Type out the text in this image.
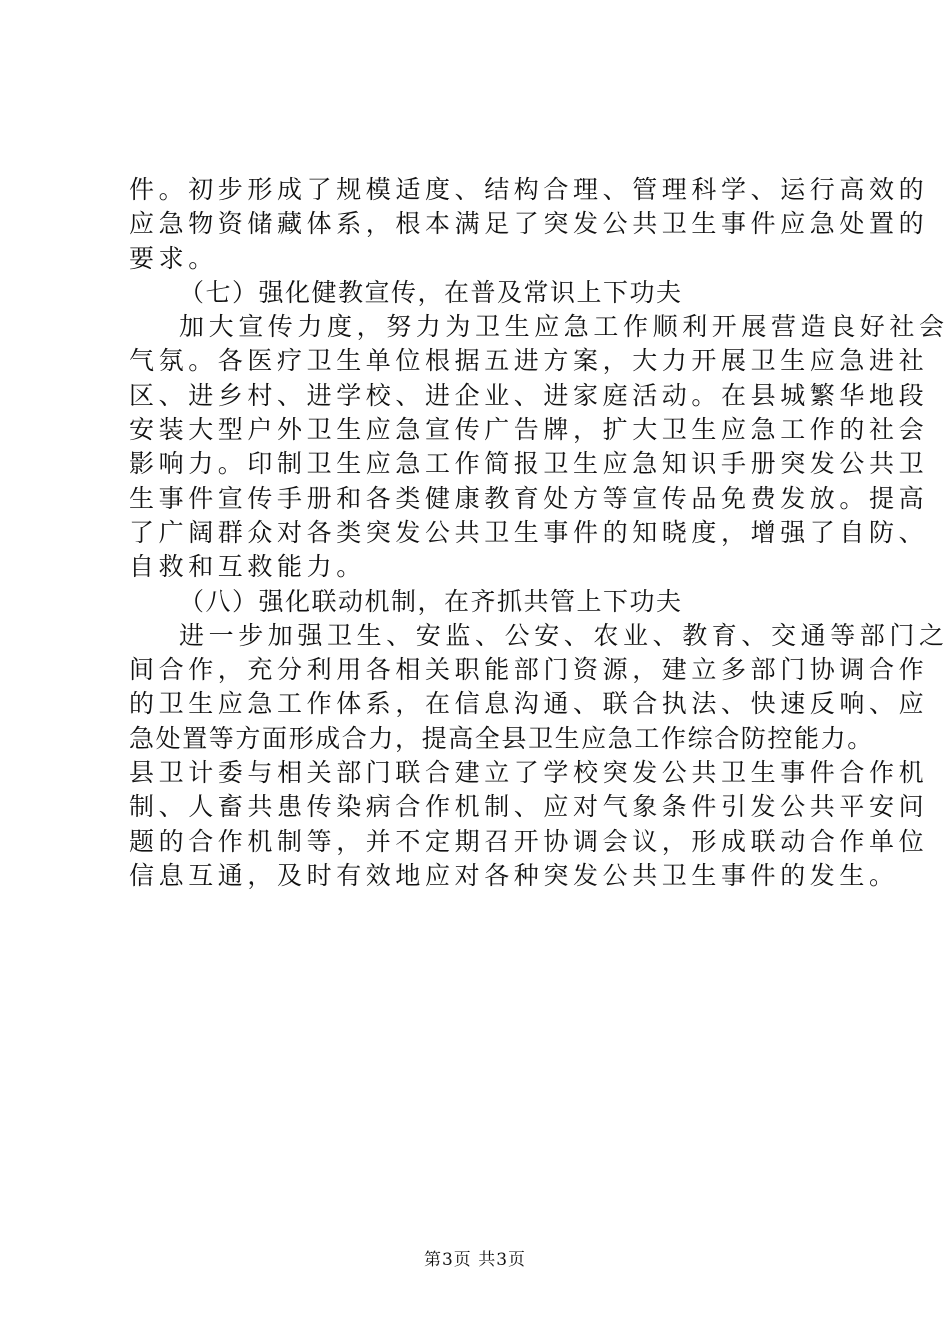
件。初步形成了规模适度、结构合理、管理科学、运行高效的
应急物资储藏体系，根本满足了突发公共卫生事件应急处置的
要求。
（七）强化健教宣传，在普及常识上下功夫
加大宣传力度，努力为卫生应急工作顺利开展营造良好社会
气氛。各医疗卫生单位根据五进方案，大力开展卫生应急进社
区、进乡村、进学校、进企业、进家庭活动。在县城繁华地段
安装大型户外卫生应急宣传广告牌，扩大卫生应急工作的社会
影响力。印制卫生应急工作简报卫生应急知识手册突发公共卫
生事件宣传手册和各类健康教育处方等宣传品免费发放。提高
了广阔群众对各类突发公共卫生事件的知晓度，增强了自防、
自救和互救能力。
（八）强化联动机制，在齐抓共管上下功夫
进一步加强卫生、安监、公安、农业、教育、交通等部门之
间合作，充分利用各相关职能部门资源，建立多部门协调合作
的卫生应急工作体系，在信息沟通、联合执法、快速反响、应
急处置等方面形成合力，提高全县卫生应急工作综合防控能力。
县卫计委与相关部门联合建立了学校突发公共卫生事件合作机
制、人畜共患传染病合作机制、应对气象条件引发公共平安问
题的合作机制等，并不定期召开协调会议，形成联动合作单位
信息互通，及时有效地应对各种突发公共卫生事件的发生。
第3页 共3页
